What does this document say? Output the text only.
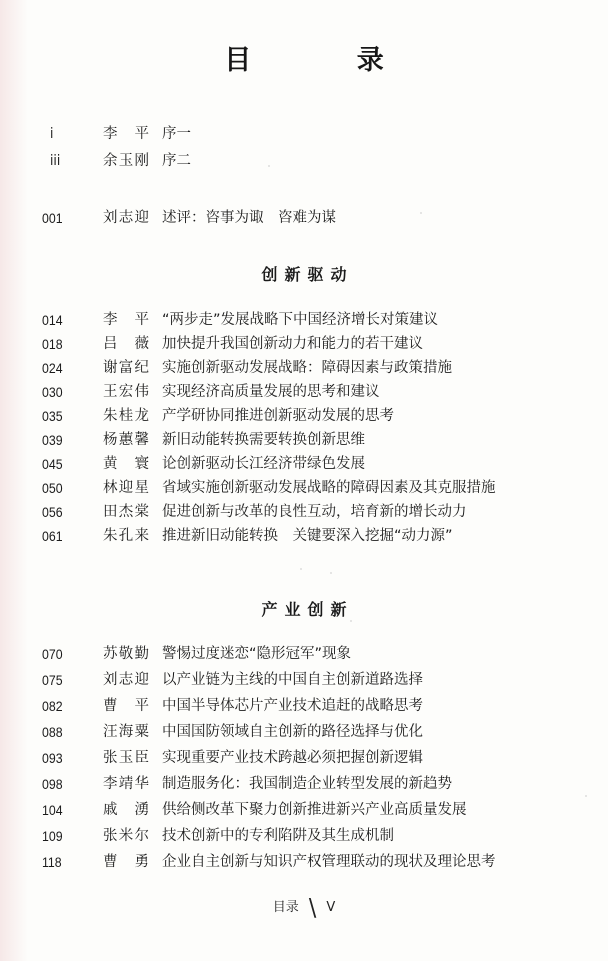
目 录
i	李 平 序一
iii	余玉刚 序二
001	刘志迎 述评：咨事为诹　咨难为谋
创新驱动
014	李 平 “两步走”发展战略下中国经济增长对策建议
018	吕 薇 加快提升我国创新动力和能力的若干建议
024	谢富纪 实施创新驱动发展战略：障碍因素与政策措施
030	王宏伟 实现经济高质量发展的思考和建议
035	朱桂龙 产学研协同推进创新驱动发展的思考
039	杨蕙馨 新旧动能转换需要转换创新思维
045	黄 寰 论创新驱动长江经济带绿色发展
050	林迎星 省域实施创新驱动发展战略的障碍因素及其克服措施
056	田杰棠 促进创新与改革的良性互动，培育新的增长动力
061	朱孔来 推进新旧动能转换　关键要深入挖掘“动力源”
产业创新
070	苏敬勤 警惕过度迷恋“隐形冠军”现象
075	刘志迎 以产业链为主线的中国自主创新道路选择
082	曹 平 中国半导体芯片产业技术追赶的战略思考
088	汪海粟 中国国防领域自主创新的路径选择与优化
093	张玉臣 实现重要产业技术跨越必须把握创新逻辑
098	李靖华 制造服务化：我国制造企业转型发展的新趋势
104	戚 湧 供给侧改革下聚力创新推进新兴产业高质量发展
109	张米尔 技术创新中的专利陷阱及其生成机制
118	曹 勇 企业自主创新与知识产权管理联动的现状及理论思考
目录 \ V
